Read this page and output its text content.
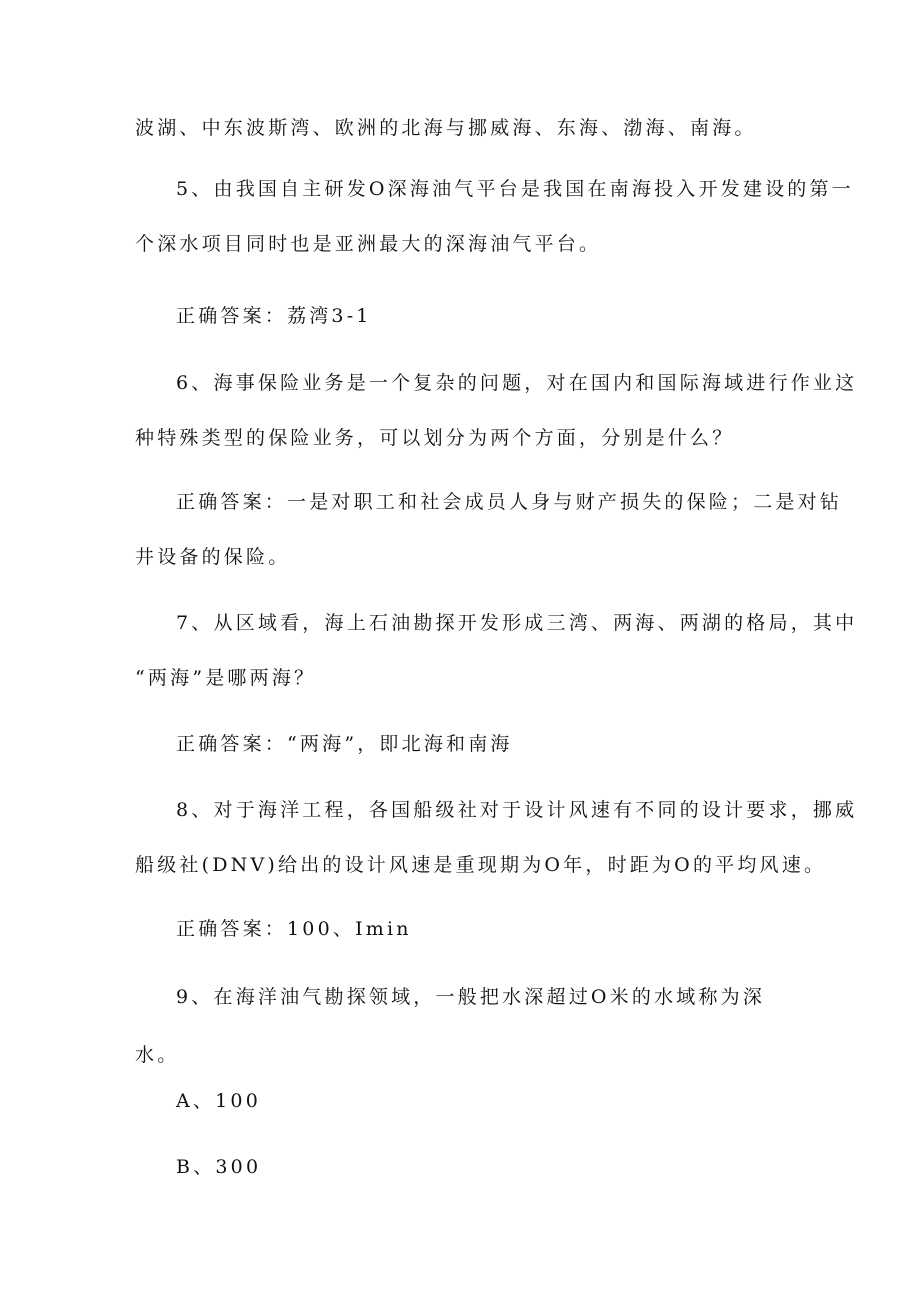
波湖、中东波斯湾、欧洲的北海与挪威海、东海、渤海、南海。
5、由我国自主研发O深海油气平台是我国在南海投入开发建设的第一
个深水项目同时也是亚洲最大的深海油气平台。
正确答案：荔湾3-1
6、海事保险业务是一个复杂的问题，对在国内和国际海域进行作业这
种特殊类型的保险业务，可以划分为两个方面，分别是什么？
正确答案：一是对职工和社会成员人身与财产损失的保险；二是对钻
井设备的保险。
7、从区域看，海上石油勘探开发形成三湾、两海、两湖的格局，其中
“两海”是哪两海？
正确答案：“两海”，即北海和南海
8、对于海洋工程，各国船级社对于设计风速有不同的设计要求，挪威
船级社(DNV)给出的设计风速是重现期为O年，时距为O的平均风速。
正确答案：100、Imin
9、在海洋油气勘探领域，一般把水深超过O米的水域称为深
水。
A、100
B、300
